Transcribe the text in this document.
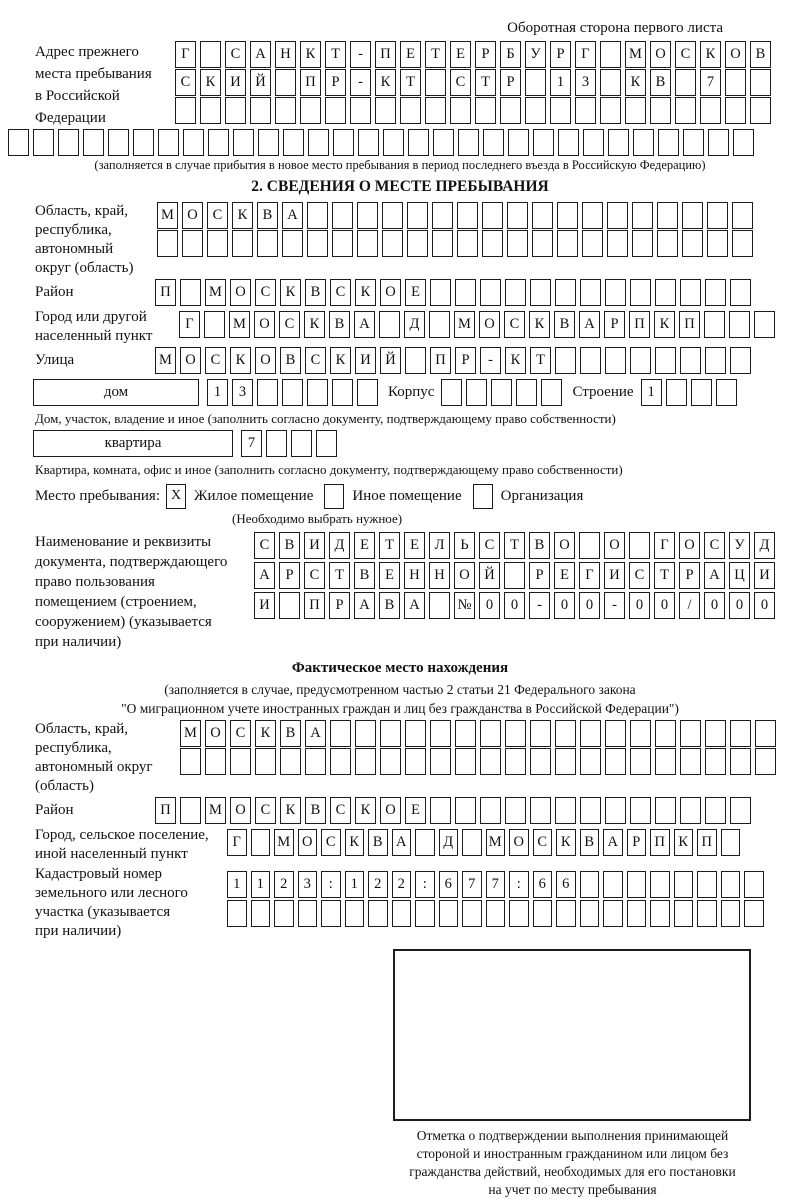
Оборотная сторона первого листа
Адрес прежнего
места пребывания
в Российской
Федерации
Г	С	А	Н	К	Т	-	П	Е	Т	Е	Р	Б	У	Р	Г	М О	С	К	О	В
С	К	И	Й	П	Р	-	К	Т	С	Т	Р	1	3	К	В	7
(заполняется в случае прибытия в новое место пребывания в период последнего въезда в Российскую Федерацию)
2. СВЕДЕНИЯ О МЕСТЕ ПРЕБЫВАНИЯ
Область, край,
республика,
автономный
округ (область)
М О	С	К	В	А
Район	П	М О	С	К	В	С	К	О	Е
Город или другой
населенный пункт
Г	М О	С	К	В	А	Д	М О	С	К	В	А	Р	П	К	П
Улица	М О	С	К	О	В	С	К	И	Й	П	Р	-	К	Т
дом	1	3	Корпус	Строение 1
Дом, участок, владение и иное (заполнить согласно документу, подтверждающему право собственности)
квартира	7
Квартира, комната, офис и иное (заполнить согласно документу, подтверждающему право собственности)
Место пребывания: X Жилое помещение	Иное помещение	Организация
(Необходимо выбрать нужное)
Наименование и реквизиты
документа, подтверждающего
право пользования
помещением (строением,
сооружением) (указывается
при наличии)
С	В	И	Д	Е	Т	Е	Л	Ь	С	Т	В	О	О	Г	О	С	У	Д
А	Р	С	Т	В	Е	Н	Н	О	Й	Р	Е	Г	И	С	Т	Р	А	Ц	И
И	П	Р	А	В	А	№ 0	0	-	0	0	-	0	0	/	0	0	0
Фактическое место нахождения
(заполняется в случае, предусмотренном частью 2 статьи 21 Федерального закона
"О миграционном учете иностранных граждан и лиц без гражданства в Российской Федерации")
Область, край,
республика,
автономный округ
(область)
М О	С	К	В	А
Район	П	М О	С	К	В	С	К	О	Е
Город, сельское поселение,
иной населенный пункт
Г	М О С К В А	Д	М О С К В А Р П К П
Кадастровый номер
земельного или лесного
участка (указывается
при наличии)
1	1	2	3	:	1	2	2	:	6	7	7	:	6	6
Отметка о подтверждении выполнения принимающей
стороной и иностранным гражданином или лицом без
гражданства действий, необходимых для его постановки
на учет по месту пребывания
